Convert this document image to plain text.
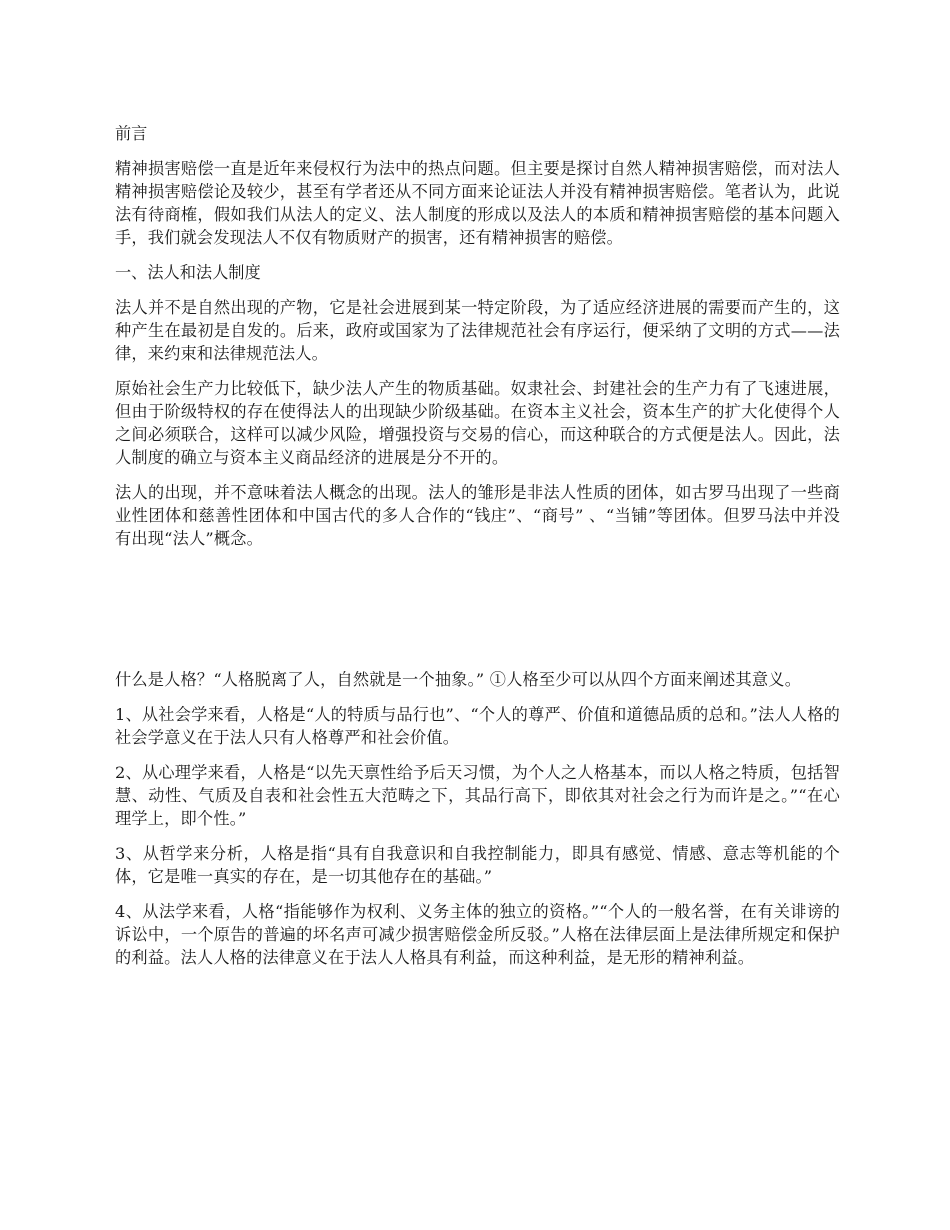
前言

精神损害赔偿一直是近年来侵权行为法中的热点问题。但主要是探讨自然人精神损害赔偿，而对法人精神损害赔偿论及较少，甚至有学者还从不同方面来论证法人并没有精神损害赔偿。笔者认为，此说法有待商榷，假如我们从法人的定义、法人制度的形成以及法人的本质和精神损害赔偿的基本问题入手，我们就会发现法人不仅有物质财产的损害，还有精神损害的赔偿。

一、法人和法人制度

法人并不是自然出现的产物，它是社会进展到某一特定阶段，为了适应经济进展的需要而产生的，这种产生在最初是自发的。后来，政府或国家为了法律规范社会有序运行，便采纳了文明的方式——法律，来约束和法律规范法人。

原始社会生产力比较低下，缺少法人产生的物质基础。奴隶社会、封建社会的生产力有了飞速进展，但由于阶级特权的存在使得法人的出现缺少阶级基础。在资本主义社会，资本生产的扩大化使得个人之间必须联合，这样可以减少风险，增强投资与交易的信心，而这种联合的方式便是法人。因此，法人制度的确立与资本主义商品经济的进展是分不开的。

法人的出现，并不意味着法人概念的出现。法人的雏形是非法人性质的团体，如古罗马出现了一些商业性团体和慈善性团体和中国古代的多人合作的“钱庄”、“商号” 、“当铺”等团体。但罗马法中并没有出现“法人”概念。

什么是人格？“人格脱离了人，自然就是一个抽象。” ①人格至少可以从四个方面来阐述其意义。

1、从社会学来看，人格是“人的特质与品行也”、“个人的尊严、价值和道德品质的总和。”法人人格的社会学意义在于法人只有人格尊严和社会价值。

2、从心理学来看，人格是“以先天禀性给予后天习惯，为个人之人格基本，而以人格之特质，包括智慧、动性、气质及自表和社会性五大范畴之下，其品行高下，即依其对社会之行为而许是之。”“在心理学上，即个性。”

3、从哲学来分析，人格是指“具有自我意识和自我控制能力，即具有感觉、情感、意志等机能的个体，它是唯一真实的存在，是一切其他存在的基础。”

4、从法学来看，人格“指能够作为权利、义务主体的独立的资格。”“个人的一般名誉，在有关诽谤的诉讼中，一个原告的普遍的坏名声可减少损害赔偿金所反驳。”人格在法律层面上是法律所规定和保护的利益。法人人格的法律意义在于法人人格具有利益，而这种利益，是无形的精神利益。
